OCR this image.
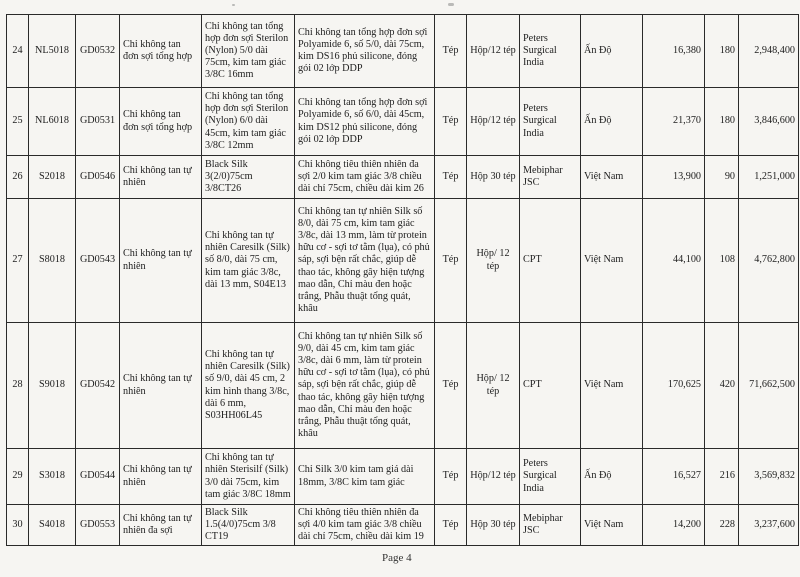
24	NL5018	GD0532	Chỉ không tan đơn sợi tổng hợp	Chỉ không tan tổng hợp đơn sợi Sterilon (Nylon) 5/0 dài 75cm, kim tam giác 3/8C 16mm	Chỉ không tan tổng hợp đơn sợi Polyamide 6, số 5/0, dài 75cm, kim DS16 phủ silicone, đóng gói 02 lớp DDP	Tép	Hộp/12 tép	Peters Surgical India	Ấn Độ	16,380	180	2,948,400
25	NL6018	GD0531	Chỉ không tan đơn sợi tổng hợp	Chỉ không tan tổng hợp đơn sợi Sterilon (Nylon) 6/0 dài 45cm, kim tam giác 3/8C 12mm	Chỉ không tan tổng hợp đơn sợi Polyamide 6, số 6/0, dài 45cm, kim DS12 phủ silicone, đóng gói 02 lớp DDP	Tép	Hộp/12 tép	Peters Surgical India	Ấn Độ	21,370	180	3,846,600
26	S2018	GD0546	Chỉ không tan tự nhiên	Black Silk 3(2/0)75cm 3/8CT26	Chỉ không tiêu thiên nhiên đa sợi 2/0 kim tam giác 3/8 chiều dài chỉ 75cm, chiều dài kim 26	Tép	Hộp 30 tép	Mebiphar JSC	Việt Nam	13,900	90	1,251,000
27	S8018	GD0543	Chỉ không tan tự nhiên	Chỉ không tan tự nhiên Caresilk (Silk) số 8/0, dài 75 cm, kim tam giác 3/8c, dài 13 mm, S04E13	Chỉ không tan tự nhiên Silk số 8/0, dài 75 cm, kim tam giác 3/8c, dài 13 mm, làm từ protein hữu cơ - sợi tơ tằm (lụa), có phủ sáp, sợi bện rất chắc, giúp dễ thao tác, không gây hiện tượng mao dẫn, Chỉ màu đen hoặc trắng, Phẫu thuật tổng quát, khâu	Tép	Hộp/ 12 tép	CPT	Việt Nam	44,100	108	4,762,800
28	S9018	GD0542	Chỉ không tan tự nhiên	Chỉ không tan tự nhiên Caresilk (Silk) số 9/0, dài 45 cm, 2 kim hình thang 3/8c, dài 6 mm, S03HH06L45	Chỉ không tan tự nhiên Silk số 9/0, dài 45 cm, kim tam giác 3/8c, dài 6 mm, làm từ protein hữu cơ - sợi tơ tằm (lụa), có phủ sáp, sợi bện rất chắc, giúp dễ thao tác, không gây hiện tượng mao dẫn, Chỉ màu đen hoặc trắng, Phẫu thuật tổng quát, khâu	Tép	Hộp/ 12 tép	CPT	Việt Nam	170,625	420	71,662,500
29	S3018	GD0544	Chỉ không tan tự nhiên	Chỉ không tan tự nhiên Sterisilf (Silk) 3/0 dài 75cm, kim tam giác 3/8C 18mm	Chỉ Silk 3/0 kim tam giá dài 18mm, 3/8C kim tam giác	Tép	Hộp/12 tép	Peters Surgical India	Ấn Độ	16,527	216	3,569,832
30	S4018	GD0553	Chỉ không tan tự nhiên đa sợi	Black Silk 1.5(4/0)75cm 3/8 CT19	Chỉ không tiêu thiên nhiên đa sợi 4/0 kim tam giác 3/8 chiều dài chỉ 75cm, chiều dài kim 19	Tép	Hộp 30 tép	Mebiphar JSC	Việt Nam	14,200	228	3,237,600
Page 4
